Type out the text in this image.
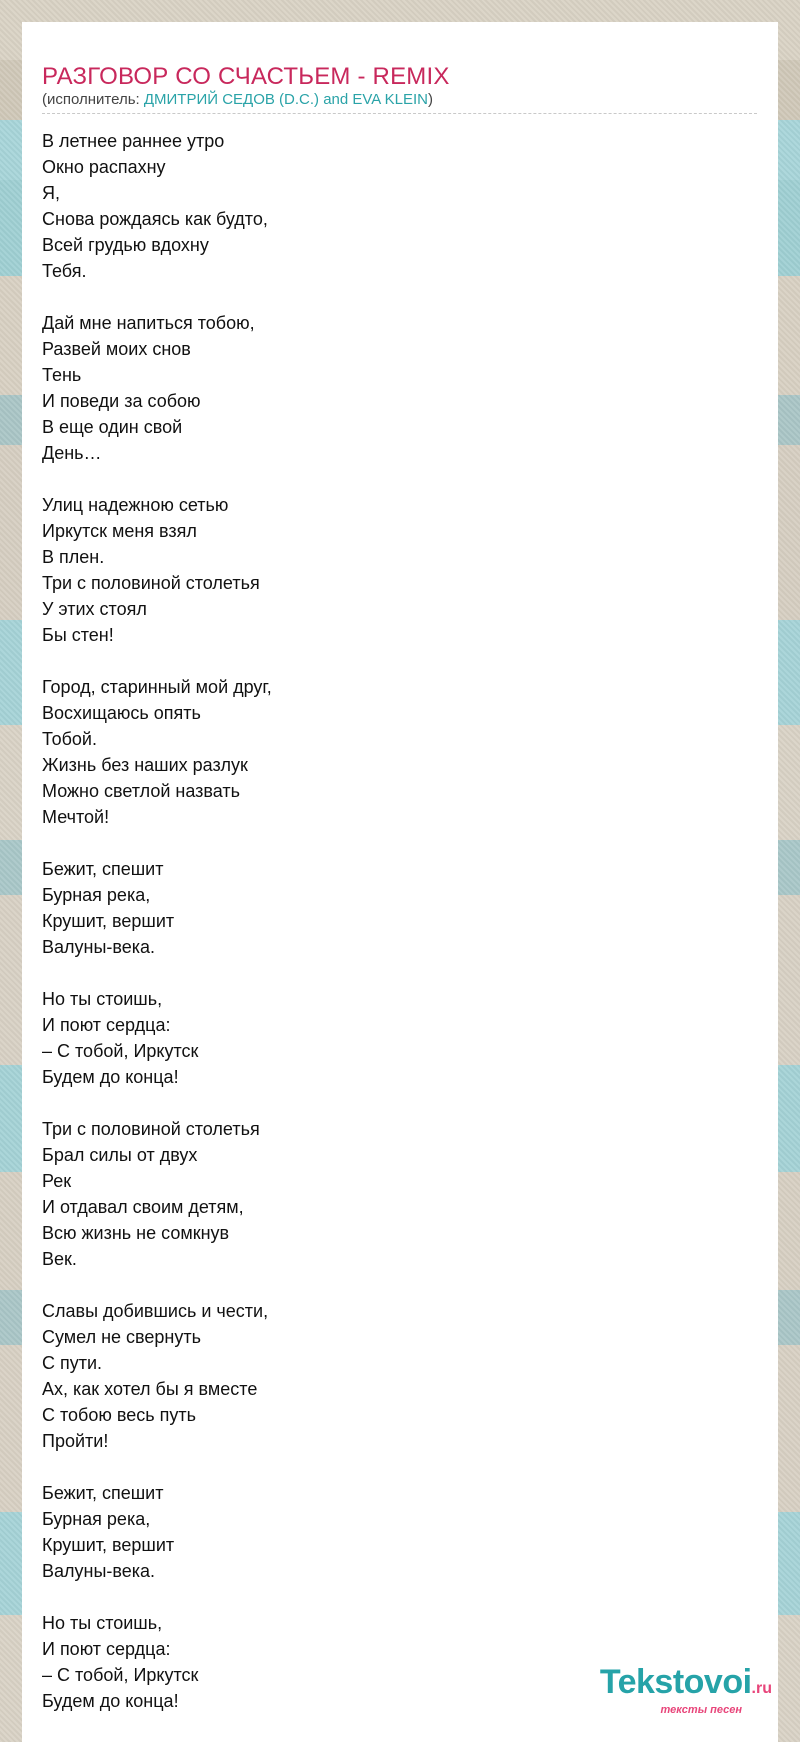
РАЗГОВОР СО СЧАСТЬЕМ - REMIX
(исполнитель: ДМИТРИЙ СЕДОВ (D.C.) and EVA KLEIN)
В летнее раннее утро
Окно распахну
Я,
Снова рождаясь как будто,
Всей грудью вдохну
Тебя.
Дай мне напиться тобою,
Развей моих снов
Тень
И поведи за собою
В еще один свой
День…
Улиц надежною сетью
Иркутск меня взял
В плен.
Три с половиной столетья
У этих стоял
Бы стен!
Город, старинный мой друг,
Восхищаюсь опять
Тобой.
Жизнь без наших разлук
Можно светлой назвать
Мечтой!
Бежит, спешит
Бурная река,
Крушит, вершит
Валуны-века.
Но ты стоишь,
И поют сердца:
– С тобой, Иркутск
Будем до конца!
Три с половиной столетья
Брал силы от двух
Рек
И отдавал своим детям,
Всю жизнь не сомкнув
Век.
Славы добившись и чести,
Сумел не свернуть
С пути.
Ах, как хотел бы я вместе
С тобою весь путь
Пройти!
Бежит, спешит
Бурная река,
Крушит, вершит
Валуны-века.
Но ты стоишь,
И поют сердца:
– С тобой, Иркутск
Будем до конца!	Tekstovoi.ru
тексты песен
